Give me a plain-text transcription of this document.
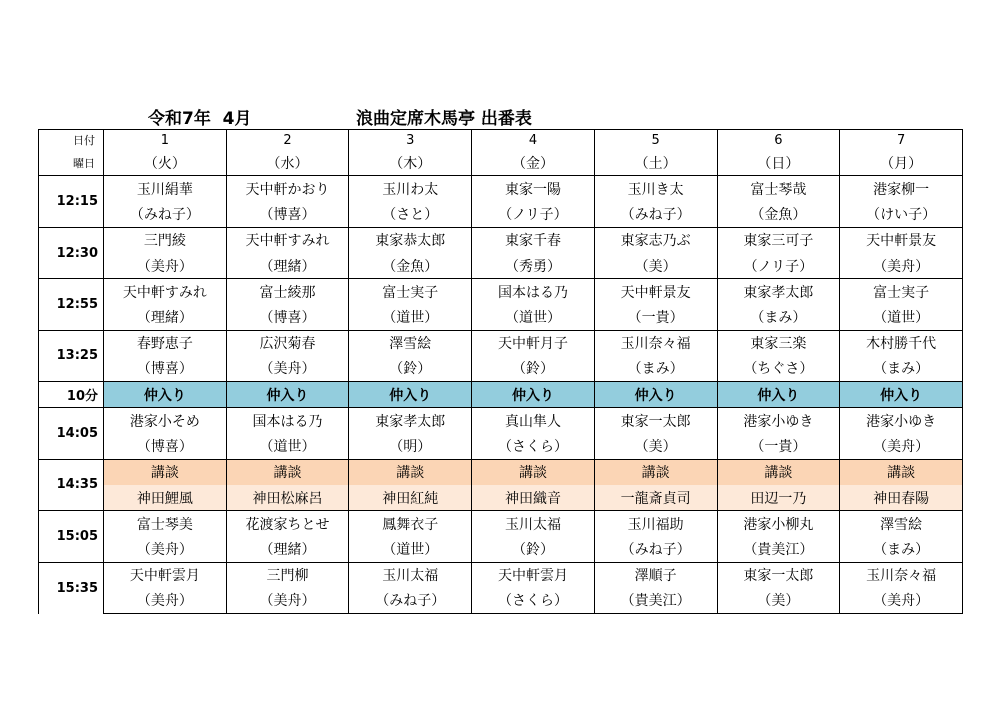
令和7年  4月	浪曲定席木馬亭 出番表
日付	1	2	3	4	5	6	7
曜日	（火）	（水）	（木）	（金）	（土）	（日）	（月）
12:15	玉川絹華	天中軒かおり	玉川わ太	東家一陽	玉川き太	富士琴哉	港家柳一
	（みね子）	（博喜）	（さと）	（ノリ子）	（みね子）	（金魚）	（けい子）
12:30	三門綾	天中軒すみれ	東家恭太郎	東家千春	東家志乃ぶ	東家三可子	天中軒景友
	（美舟）	（理緒）	（金魚）	（秀勇）	（美）	（ノリ子）	（美舟）
12:55	天中軒すみれ	富士綾那	富士実子	国本はる乃	天中軒景友	東家孝太郎	富士実子
	（理緒）	（博喜）	（道世）	（道世）	（一貴）	（まみ）	（道世）
13:25	春野恵子	広沢菊春	澤雪絵	天中軒月子	玉川奈々福	東家三楽	木村勝千代
	（博喜）	（美舟）	（鈴）	（鈴）	（まみ）	（ちぐさ）	（まみ）
10分	仲入り	仲入り	仲入り	仲入り	仲入り	仲入り	仲入り
14:05	港家小そめ	国本はる乃	東家孝太郎	真山隼人	東家一太郎	港家小ゆき	港家小ゆき
	（博喜）	（道世）	（明）	（さくら）	（美）	（一貴）	（美舟）
14:35	講談	講談	講談	講談	講談	講談	講談
	神田鯉風	神田松麻呂	神田紅純	神田織音	一龍斎貞司	田辺一乃	神田春陽
15:05	富士琴美	花渡家ちとせ	鳳舞衣子	玉川太福	玉川福助	港家小柳丸	澤雪絵
	（美舟）	（理緒）	（道世）	（鈴）	（みね子）	（貴美江）	（まみ）
15:35	天中軒雲月	三門柳	玉川太福	天中軒雲月	澤順子	東家一太郎	玉川奈々福
	（美舟）	（美舟）	（みね子）	（さくら）	（貴美江）	（美）	（美舟）
